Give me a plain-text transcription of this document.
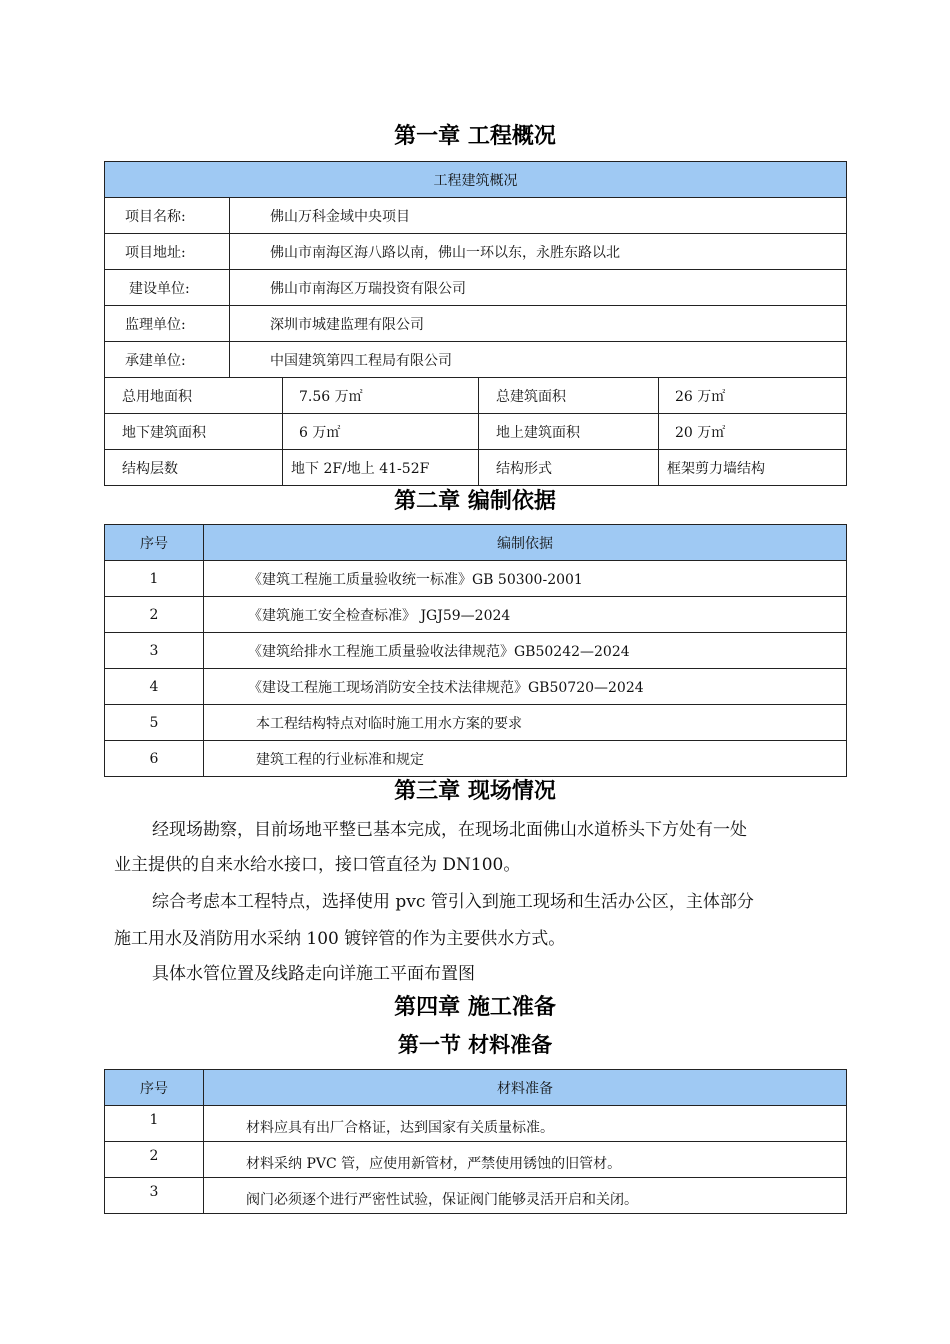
第一章 工程概况
工程建筑概况				
项目名称:	佛山万科金域中央项目			
项目地址:	佛山市南海区海八路以南，佛山一环以东，永胜东路以北			
建设单位:	佛山市南海区万瑞投资有限公司			
监理单位:	深圳市城建监理有限公司			
承建单位:	中国建筑第四工程局有限公司			
总用地面积		7.56 万㎡	总建筑面积	26 万㎡
地下建筑面积		6 万㎡	地上建筑面积	20 万㎡
结构层数		地下 2F/地上 41-52F	结构形式	框架剪力墙结构
第二章 编制依据
序号	编制依据
1	《建筑工程施工质量验收统一标准》GB 50300-2001
2	《建筑施工安全检查标准》 JGJ59—2024
3	《建筑给排水工程施工质量验收法律规范》GB50242—2024
4	《建设工程施工现场消防安全技术法律规范》GB50720—2024
5	本工程结构特点对临时施工用水方案的要求
6	建筑工程的行业标准和规定
第三章 现场情况

经现场勘察，目前场地平整已基本完成，在现场北面佛山水道桥头下方处有一处

业主提供的自来水给水接口，接口管直径为 DN100。

综合考虑本工程特点，选择使用 pvc 管引入到施工现场和生活办公区，主体部分

施工用水及消防用水采纳 100 镀锌管的作为主要供水方式。

具体水管位置及线路走向详施工平面布置图

第四章 施工准备
第一节 材料准备
序号	材料准备
1	材料应具有出厂合格证，达到国家有关质量标准。
2	材料采纳 PVC 管，应使用新管材，严禁使用锈蚀的旧管材。
3	阀门必须逐个进行严密性试验，保证阀门能够灵活开启和关闭。
